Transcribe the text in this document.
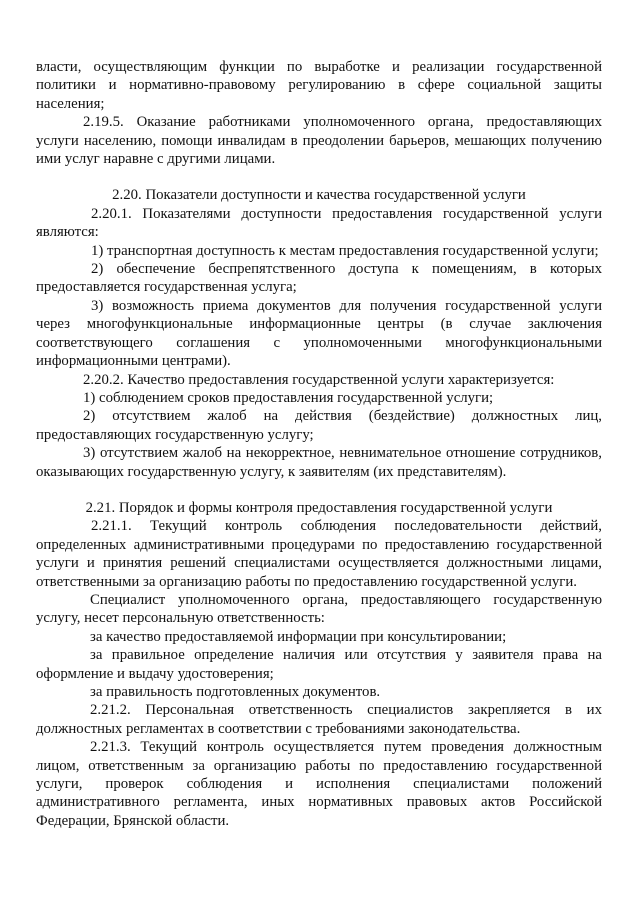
власти, осуществляющим функции по выработке и реализации государственной политики и нормативно-правовому регулированию в сфере социальной защиты населения;

2.19.5. Оказание работниками уполномоченного органа, предоставляющих услуги населению, помощи инвалидам в преодолении барьеров, мешающих получению ими услуг наравне с другими лицами.

2.20. Показатели доступности и качества государственной услуги

2.20.1. Показателями доступности предоставления государственной услуги являются:

1) транспортная доступность к местам предоставления государственной услуги;

2) обеспечение беспрепятственного доступа к помещениям, в которых предоставляется государственная услуга;

3) возможность приема документов для получения государственной услуги через многофункциональные информационные центры (в случае заключения соответствующего соглашения с уполномоченными многофункциональными информационными центрами).

2.20.2. Качество предоставления государственной услуги характеризуется:

1) соблюдением сроков предоставления государственной услуги;

2) отсутствием жалоб на действия (бездействие) должностных лиц, предоставляющих государственную услугу;

3) отсутствием жалоб на некорректное, невнимательное отношение сотрудников, оказывающих государственную услугу, к заявителям (их представителям).

2.21. Порядок и формы контроля предоставления государственной услуги

2.21.1. Текущий контроль соблюдения последовательности действий, определенных административными процедурами по предоставлению государственной услуги и принятия решений специалистами осуществляется должностными лицами, ответственными за организацию работы по предоставлению государственной услуги.

Специалист уполномоченного органа, предоставляющего государственную услугу, несет персональную ответственность:

за качество предоставляемой информации при консультировании;

за правильное определение наличия или отсутствия у заявителя права на оформление и выдачу удостоверения;

за правильность подготовленных документов.

2.21.2. Персональная ответственность специалистов закрепляется в их должностных регламентах в соответствии с требованиями законодательства.

2.21.3. Текущий контроль осуществляется путем проведения должностным лицом, ответственным за организацию работы по предоставлению государственной услуги, проверок соблюдения и исполнения специалистами положений административного регламента, иных нормативных правовых актов Российской Федерации, Брянской области.
